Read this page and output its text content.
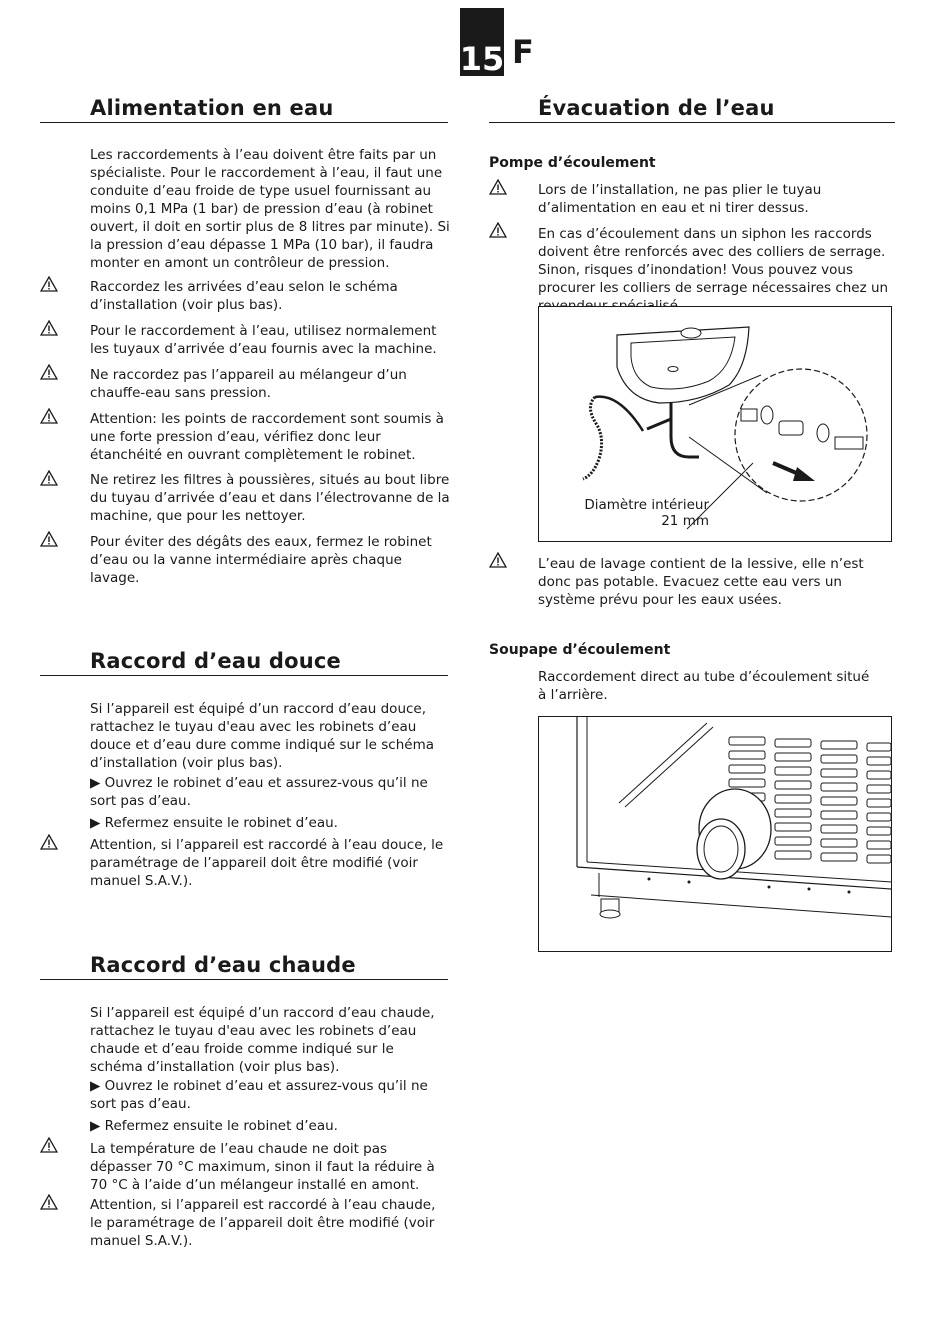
15 F
Alimentation en eau

Les raccordements à l’eau doivent être faits par un spécialiste. Pour le raccordement à l’eau, il faut une conduite d’eau froide de type usuel fournissant au moins 0,1 MPa (1 bar) de pression d’eau (à robinet ouvert, il doit en sortir plus de 8 litres par minute). Si la pression d’eau dépasse 1 MPa (10 bar), il faudra monter en amont un contrôleur de pression.

Raccordez les arrivées d’eau selon le schéma d’installation (voir plus bas).

Pour le raccordement à l’eau, utilisez normalement les tuyaux d’arrivée d’eau fournis avec la machine.

Ne raccordez pas l’appareil au mélangeur d’un chauffe-eau sans pression.

Attention: les points de raccordement sont soumis à une forte pression d’eau, vérifiez donc leur étanchéité en ouvrant complètement le robinet.

Ne retirez les filtres à poussières, situés au bout libre du tuyau d’arrivée d’eau et dans l’électrovanne de la machine, que pour les nettoyer.

Pour éviter des dégâts des eaux, fermez le robinet d’eau ou la vanne intermédiaire après chaque lavage.

Raccord d’eau douce

Si l’appareil est équipé d’un raccord d’eau douce, rattachez le tuyau d'eau avec les robinets d’eau douce et d’eau dure comme indiqué sur le schéma d’installation (voir plus bas).

▶ Ouvrez le robinet d’eau et assurez-vous qu’il ne sort pas d’eau.

▶ Refermez ensuite le robinet d’eau.

Attention, si l’appareil est raccordé à l’eau douce, le paramétrage de l’appareil doit être modifié (voir manuel S.A.V.).

Raccord d’eau chaude

Si l’appareil est équipé d’un raccord d’eau chaude, rattachez le tuyau d'eau avec les robinets d’eau chaude et d’eau froide comme indiqué sur le schéma d’installation (voir plus bas).

▶ Ouvrez le robinet d’eau et assurez-vous qu’il ne sort pas d’eau.

▶ Refermez ensuite le robinet d’eau.

La température de l’eau chaude ne doit pas dépasser 70 °C maximum, sinon il faut la réduire à 70 °C à l’aide d’un mélangeur installé en amont.

Attention, si l’appareil est raccordé à l’eau chaude, le paramétrage de l’appareil doit être modifié (voir manuel S.A.V.).

Évacuation de l’eau

Pompe d’écoulement

Lors de l’installation, ne pas plier le tuyau d’alimentation en eau et ni tirer dessus.

En cas d’écoulement dans un siphon les raccords doivent être renforcés avec des colliers de serrage. Sinon, risques d’inondation! Vous pouvez vous procurer les colliers de serrage nécessaires chez un

Diamètre intérieur
21 mm

L’eau de lavage contient de la lessive, elle n’est donc pas potable. Evacuez cette eau vers un système prévu pour les eaux usées.

Soupape d’écoulement

Raccordement direct au tube d’écoulement situé à l’arrière.
